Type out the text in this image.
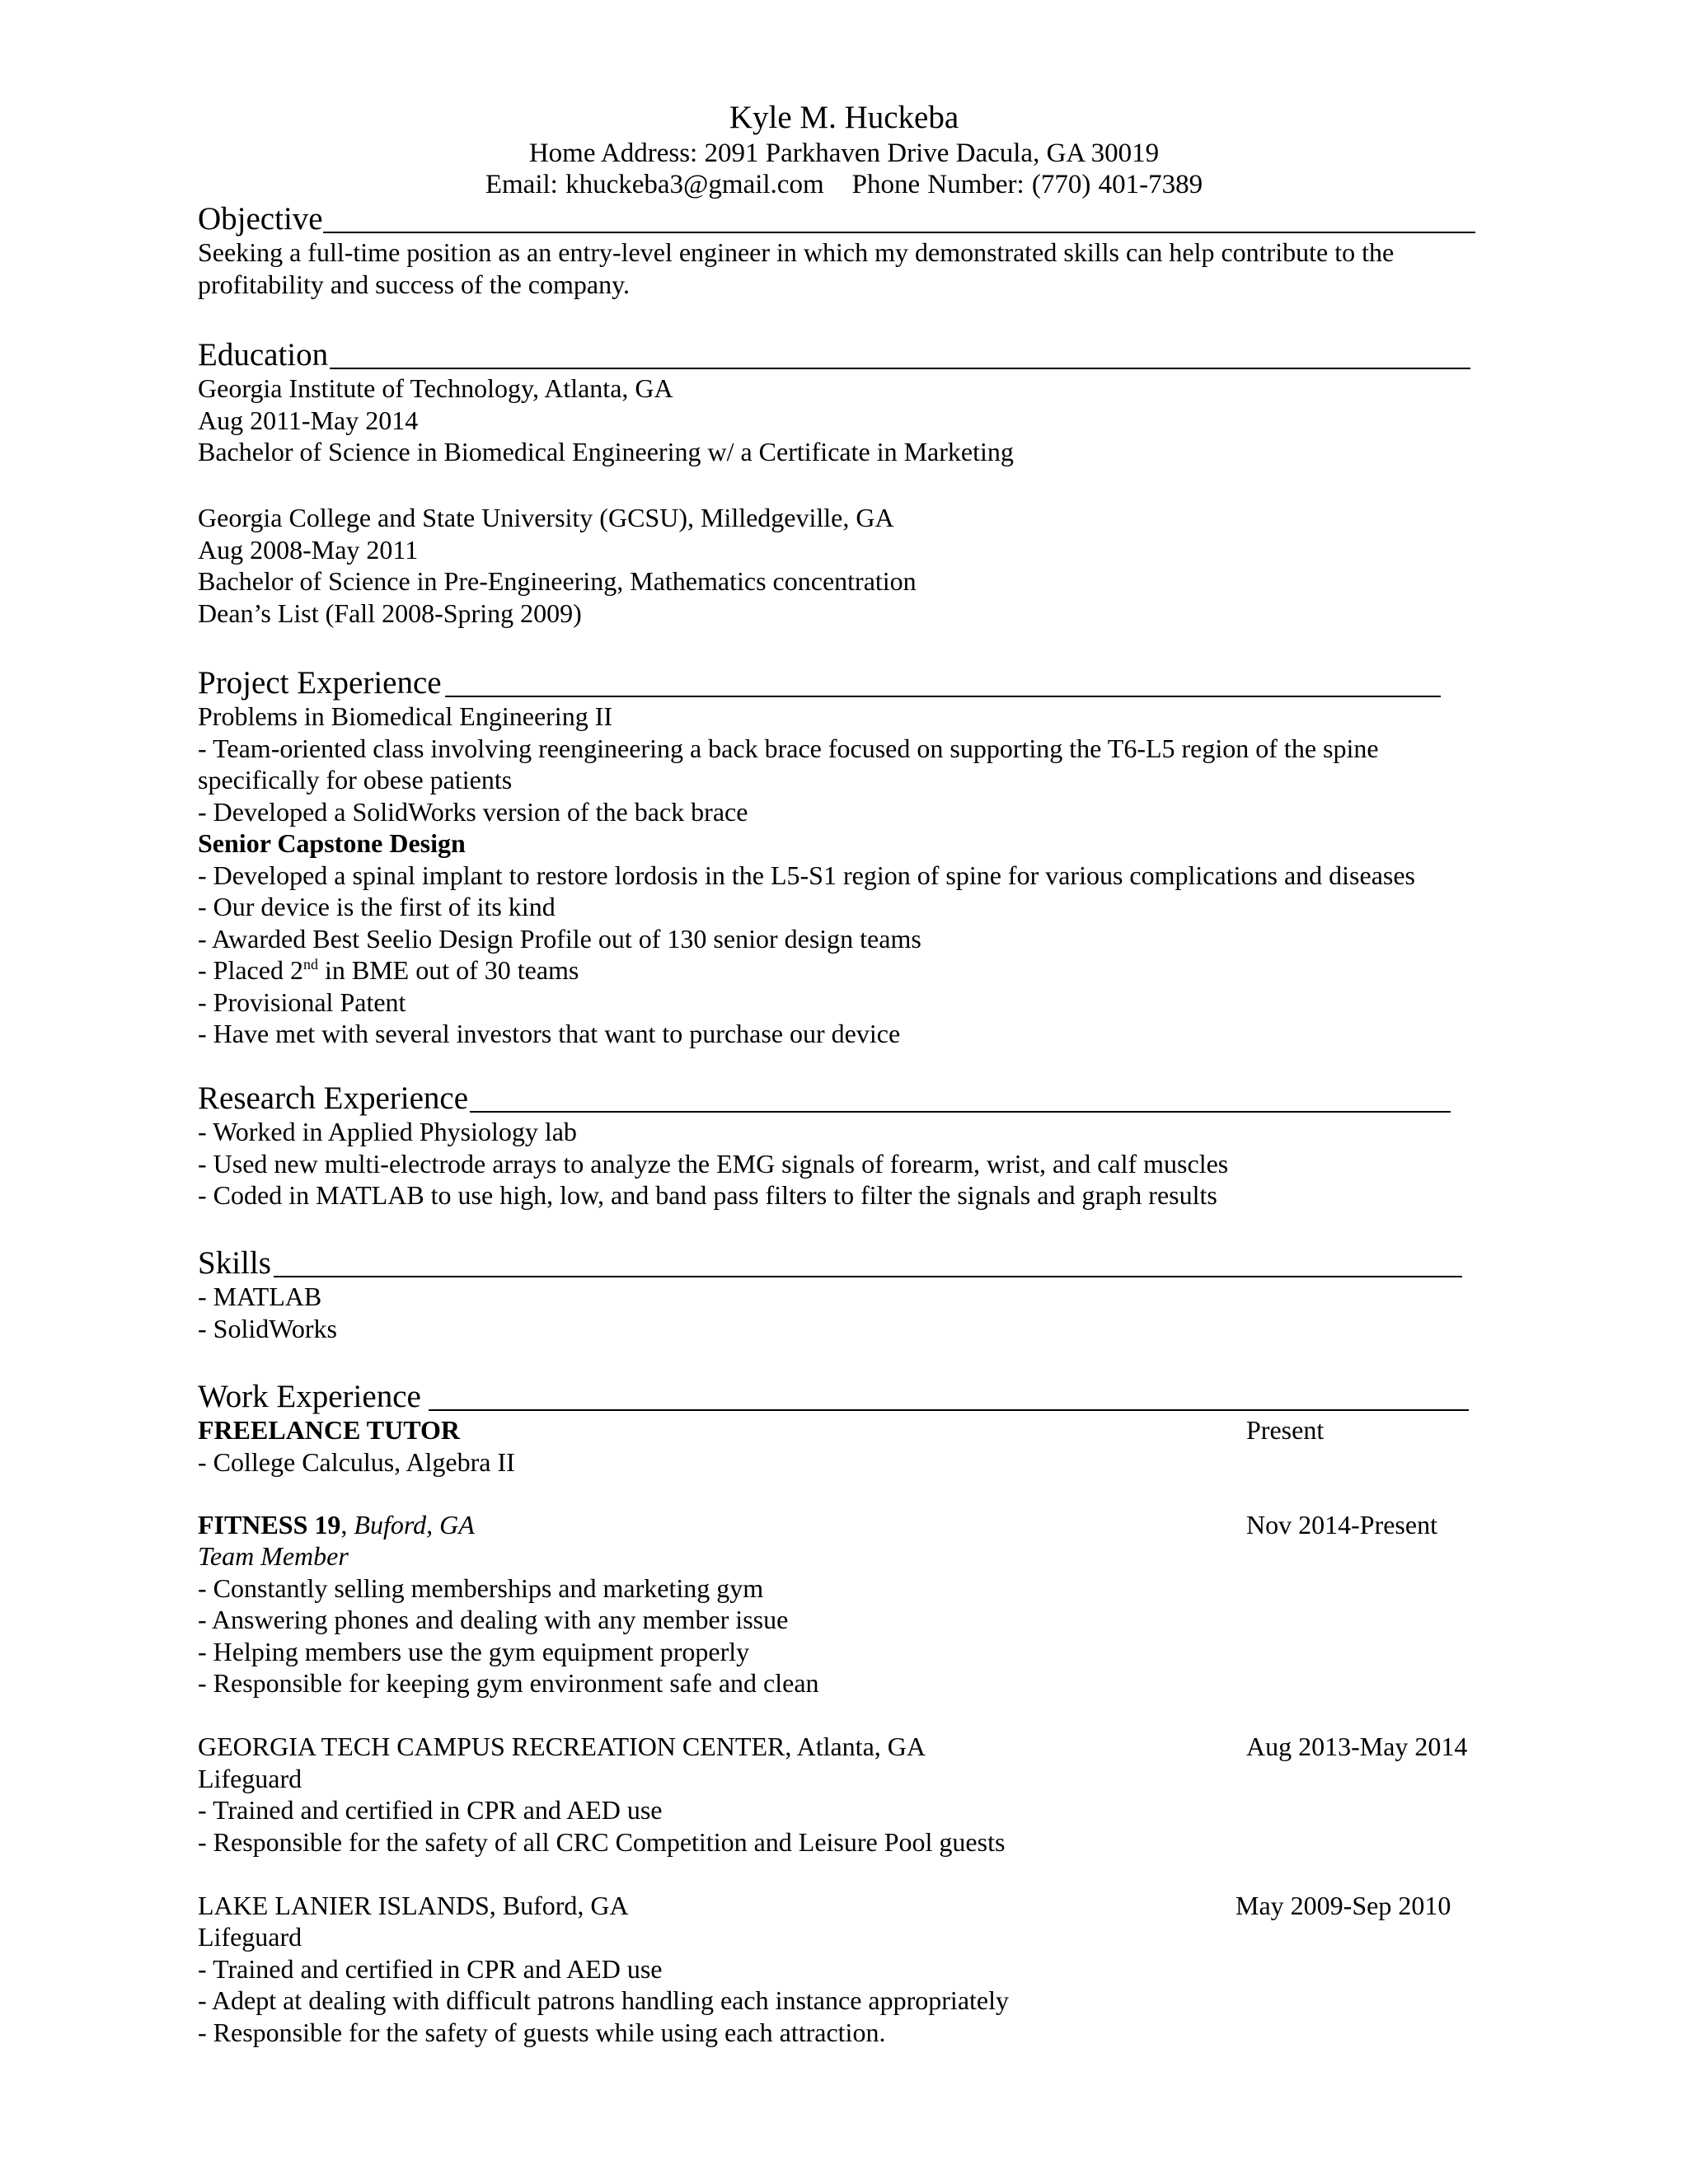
Kyle M. Huckeba
Home Address: 2091 Parkhaven Drive Dacula, GA 30019
Email: khuckeba3@gmail.com Phone Number: (770) 401-7389
Objective
Seeking a full-time position as an entry-level engineer in which my demonstrated skills can help contribute to the
profitability and success of the company.
Education
Georgia Institute of Technology, Atlanta, GA
Aug 2011-May 2014
Bachelor of Science in Biomedical Engineering w/ a Certificate in Marketing
Georgia College and State University (GCSU), Milledgeville, GA
Aug 2008-May 2011
Bachelor of Science in Pre-Engineering, Mathematics concentration
Dean’s List (Fall 2008-Spring 2009)
Project Experience
Problems in Biomedical Engineering II
- Team-oriented class involving reengineering a back brace focused on supporting the T6-L5 region of the spine
specifically for obese patients
- Developed a SolidWorks version of the back brace
Senior Capstone Design
- Developed a spinal implant to restore lordosis in the L5-S1 region of spine for various complications and diseases
- Our device is the first of its kind
- Awarded Best Seelio Design Profile out of 130 senior design teams
- Placed 2nd in BME out of 30 teams
- Provisional Patent
- Have met with several investors that want to purchase our device
Research Experience
- Worked in Applied Physiology lab
- Used new multi-electrode arrays to analyze the EMG signals of forearm, wrist, and calf muscles
- Coded in MATLAB to use high, low, and band pass filters to filter the signals and graph results
Skills
- MATLAB
- SolidWorks
Work Experience
FREELANCE TUTOR	Present
- College Calculus, Algebra II
FITNESS 19, Buford, GA	Nov 2014-Present
Team Member
- Constantly selling memberships and marketing gym
- Answering phones and dealing with any member issue
- Helping members use the gym equipment properly
- Responsible for keeping gym environment safe and clean
GEORGIA TECH CAMPUS RECREATION CENTER, Atlanta, GA	Aug 2013-May 2014
Lifeguard
- Trained and certified in CPR and AED use
- Responsible for the safety of all CRC Competition and Leisure Pool guests
LAKE LANIER ISLANDS, Buford, GA	May 2009-Sep 2010
Lifeguard
- Trained and certified in CPR and AED use
- Adept at dealing with difficult patrons handling each instance appropriately
- Responsible for the safety of guests while using each attraction.
